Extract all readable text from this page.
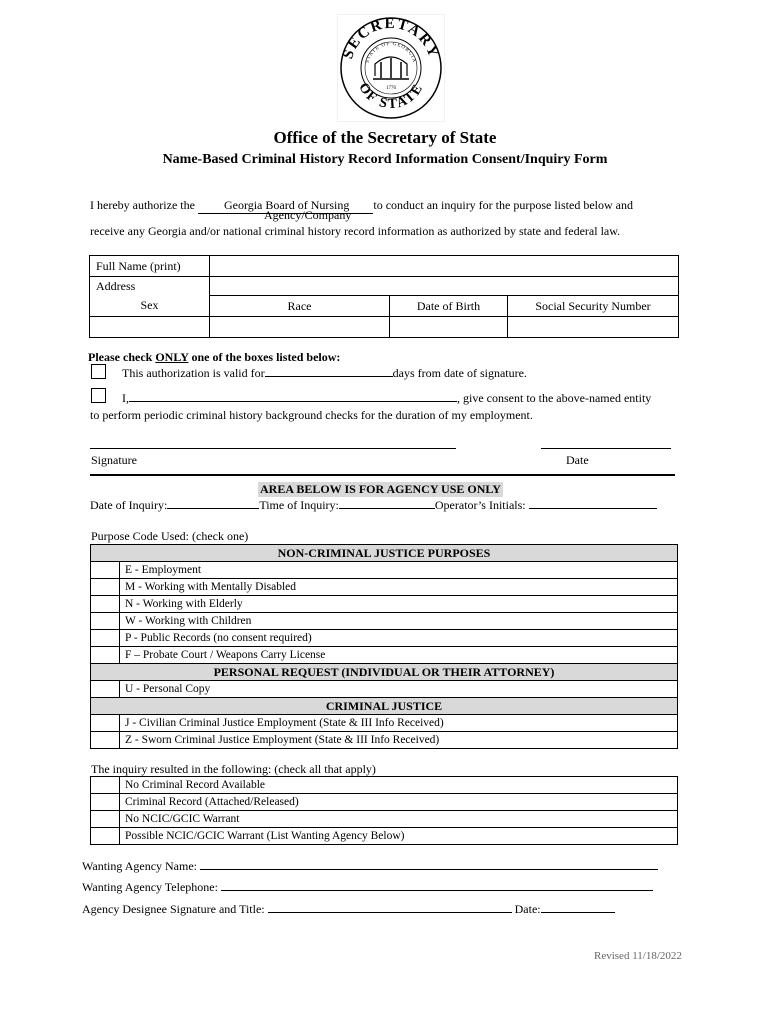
SECRETARY
OF STATE
STATE OF GEORGIA
1776
Office of the Secretary of State
Name-Based Criminal History Record Information Consent/Inquiry Form
I hereby authorize the Georgia Board of Nursing to conduct an inquiry for the purpose listed below and
Agency/Company
receive any Georgia and/or national criminal history record information as authorized by state and federal law.
Full Name (print)			
Address			
Sex	Race	Date of Birth	Social Security Number

Please check ONLY one of the boxes listed below:
This authorization is valid for	days from date of signature.
I,	, give consent to the above-named entity
to perform periodic criminal history background checks for the duration of my employment.
Signature	Date
AREA BELOW IS FOR AGENCY USE ONLY
Date of Inquiry:	Time of Inquiry:	Operator’s Initials:
Purpose Code Used: (check one)
NON-CRIMINAL JUSTICE PURPOSES	
	E - Employment
	M - Working with Mentally Disabled
	N - Working with Elderly
	W - Working with Children
	P - Public Records (no consent required)
	F – Probate Court / Weapons Carry License
PERSONAL REQUEST (INDIVIDUAL OR THEIR ATTORNEY)	
	U - Personal Copy
CRIMINAL JUSTICE	
	J - Civilian Criminal Justice Employment (State & III Info Received)
	Z - Sworn Criminal Justice Employment (State & III Info Received)
The inquiry resulted in the following: (check all that apply)
	No Criminal Record Available
	Criminal Record (Attached/Released)
	No NCIC/GCIC Warrant
	Possible NCIC/GCIC Warrant (List Wanting Agency Below)
Wanting Agency Name:
Wanting Agency Telephone:
Agency Designee Signature and Title:	Date:
Revised 11/18/2022
